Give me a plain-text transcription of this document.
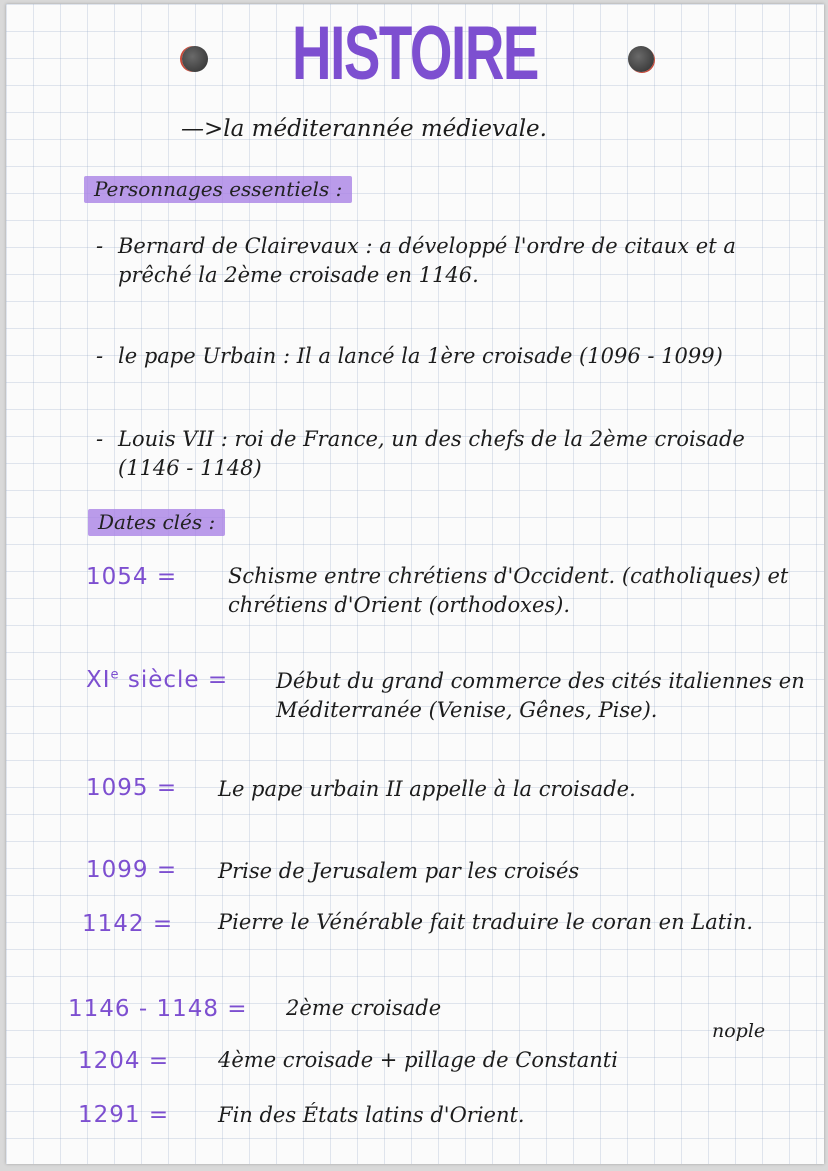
HISTOIRE
—>la méditerannée médievale.
Personnages essentiels :
- Bernard de Clairevaux : a développé l'ordre de citaux et a prêché la 2ème croisade en 1146.
- le pape Urbain : Il a lancé la 1ère croisade (1096 - 1099)
- Louis VII : roi de France, un des chefs de la 2ème croisade (1146 - 1148)
Dates clés :
1054 = Schisme entre chrétiens d'Occident. (catholiques) et chrétiens d'Orient (orthodoxes).
XIe siècle = Début du grand commerce des cités italiennes en Méditerranée (Venise, Gênes, Pise).
1095 = Le pape urbain II appelle à la croisade.
1099 = Prise de Jerusalem par les croisés
1142 = Pierre le Vénérable fait traduire le coran en Latin.
1146 - 1148 = 2ème croisade
nople
1204 = 4ème croisade + pillage de Constanti
1291 = Fin des États latins d'Orient.
